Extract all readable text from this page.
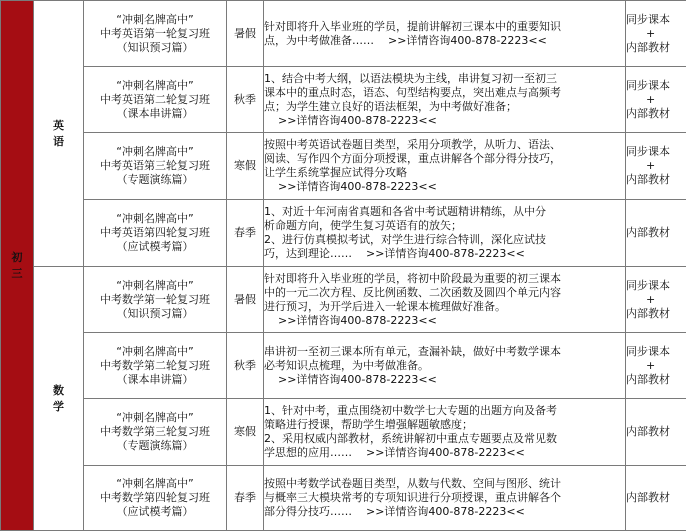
初三	英语	“冲刺名牌高中”
中考英语第一轮复习班
（知识预习篇）	暑假	针对即将升入毕业班的学员，提前讲解初三课本中的重要知识
点，为中考做准备…… >>详情咨询400-878-2223<<	同步课本
+
内部教材

		“冲刺名牌高中”
中考英语第二轮复习班
（课本串讲篇）	秋季	1、结合中考大纲，以语法模块为主线，串讲复习初一至初三
课本中的重点时态，语态、句型结构要点，突出难点与高频考
点；为学生建立良好的语法框架，为中考做好准备；
>>详情咨询400-878-2223<<	同步课本
+
内部教材

		“冲刺名牌高中”
中考英语第三轮复习班
（专题演练篇）	寒假	按照中考英语试卷题目类型，采用分项教学，从听力、语法、
阅读、写作四个方面分项授课，重点讲解各个部分得分技巧，
让学生系统掌握应试得分攻略
>>详情咨询400-878-2223<<	同步课本
+
内部教材

		“冲刺名牌高中”
中考英语第四轮复习班
（应试模考篇）	春季	1、对近十年河南省真题和各省中考试题精讲精练，从中分
析命题方向，使学生复习英语有的放矢；
2、进行仿真模拟考试，对学生进行综合特训，深化应试技
巧，达到理论…… >>详情咨询400-878-2223<<	内部教材

	数学	“冲刺名牌高中”
中考数学第一轮复习班
（知识预习篇）	暑假	针对即将升入毕业班的学员，将初中阶段最为重要的初三课本
中的一元二次方程、反比例函数、二次函数及圆四个单元内容
进行预习，为开学后进入一轮课本梳理做好准备。
>>详情咨询400-878-2223<<	同步课本
+
内部教材

		“冲刺名牌高中”
中考数学第二轮复习班
（课本串讲篇）	秋季	串讲初一至初三课本所有单元，查漏补缺，做好中考数学课本
必考知识点梳理，为中考做准备。
>>详情咨询400-878-2223<<	同步课本
+
内部教材

		“冲刺名牌高中”
中考数学第三轮复习班
（专题演练篇）	寒假	1、针对中考，重点围绕初中数学七大专题的出题方向及备考
策略进行授课，帮助学生增强解题敏感度；
2、采用权威内部教材，系统讲解初中重点专题要点及常见数
学思想的应用…… >>详情咨询400-878-2223<<	内部教材

		“冲刺名牌高中”
中考数学第四轮复习班
（应试模考篇）	春季	按照中考数学试卷题目类型，从数与代数、空间与图形、统计
与概率三大模块常考的专项知识进行分项授课，重点讲解各个
部分得分技巧…… >>详情咨询400-878-2223<<	内部教材
